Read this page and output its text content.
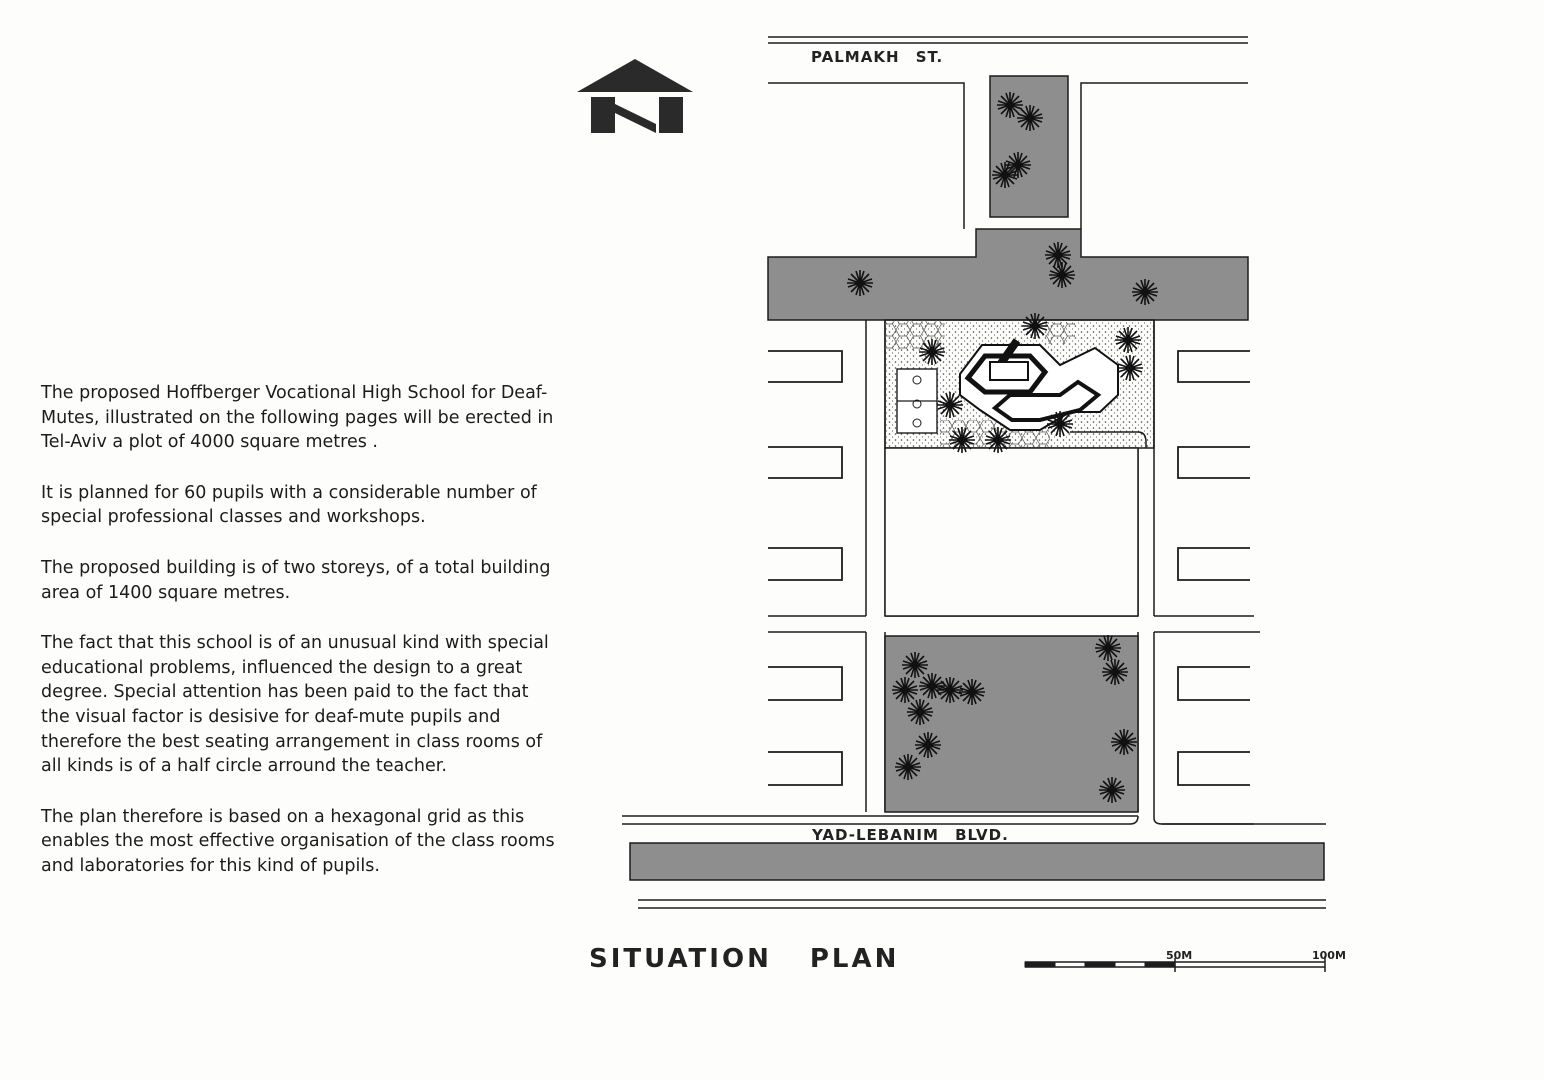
The proposed Hoffberger Vocational High School for Deaf-Mutes, illustrated on the following pages will be erected in Tel-Aviv a plot of 4000 square metres .

It is planned for 60 pupils with a considerable number of special professional classes and workshops.

The proposed building is of two storeys, of a total building area of 1400 square metres.

The fact that this school is of an unusual kind with special educational problems, influenced the design to a great degree. Special attention has been paid to the fact that the visual factor is desisive for deaf-mute pupils and therefore the best seating arrangement in class rooms of all kinds is of a half circle arround the teacher.

The plan therefore is based on a hexagonal grid as this enables the most effective organisation of the class rooms and laboratories for this kind of pupils.

PALMAKH ST.
YAD-LEBANIM BLVD.
50M	100M
SITUATION PLAN
